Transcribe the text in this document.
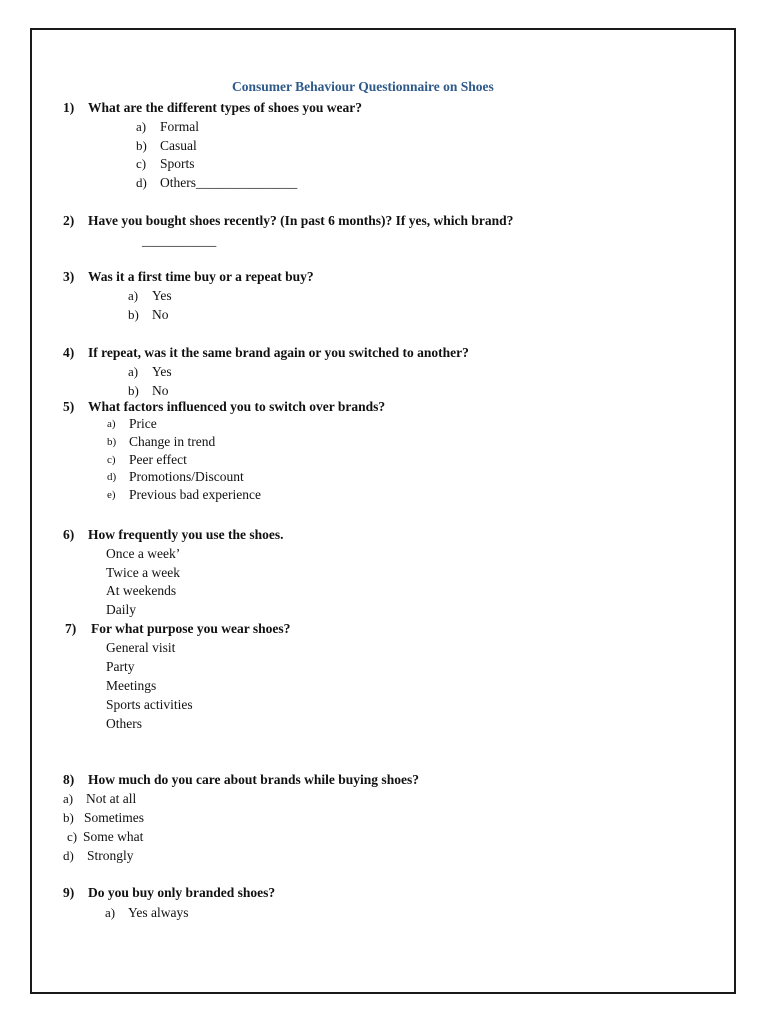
Consumer Behaviour Questionnaire on Shoes
1) What are the different types of shoes you wear?
a) Formal
b) Casual
c) Sports
d) Others_______________
2) Have you bought shoes recently? (In past 6 months)? If yes, which brand?
___________
3) Was it a first time buy or a repeat buy?
a) Yes
b) No
4) If repeat, was it the same brand again or you switched to another?
a) Yes
b) No
5) What factors influenced you to switch over brands?
a) Price
b) Change in trend
c) Peer effect
d) Promotions/Discount
e) Previous bad experience
6) How frequently you use the shoes.
Once a week’
Twice a week
At weekends
Daily
7) For what purpose you wear shoes?
General visit
Party
Meetings
Sports activities
Others
8) How much do you care about brands while buying shoes?
a) Not at all
b) Sometimes
c) Some what
d) Strongly
9) Do you buy only branded shoes?
a) Yes always
